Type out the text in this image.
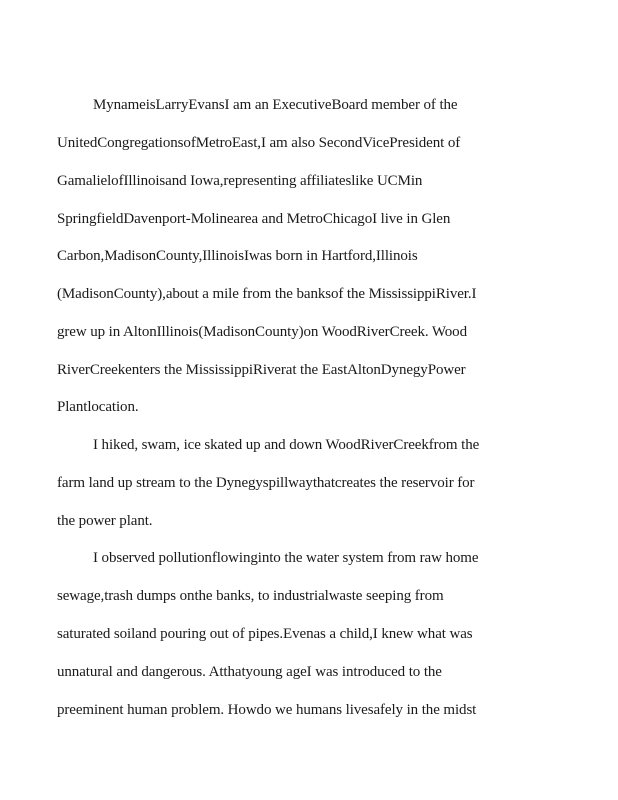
MynameisLarryEvansI am an ExecutiveBoard member of the
UnitedCongregationsofMetroEast,I am also SecondVicePresident of
GamalielofIllinoisand Iowa,representing affiliateslike UCMin
SpringfieldDavenport-Molinearea and MetroChicagoI live in Glen
Carbon,MadisonCounty,IllinoisIwas born in Hartford,Illinois
(MadisonCounty),about a mile from the banksof the MississippiRiver.I
grew up in AltonIllinois(MadisonCounty)on WoodRiverCreek. Wood
RiverCreekenters the MississippiRiverat the EastAltonDynegyPower
Plantlocation.
I hiked, swam, ice skated up and down WoodRiverCreekfrom the
farm land up stream to the Dynegyspillwaythatcreates the reservoir for
the power plant.
I observed pollutionflowinginto the water system from raw home
sewage,trash dumps onthe banks, to industrialwaste seeping from
saturated soiland pouring out of pipes.Evenas a child,I knew what was
unnatural and dangerous. Atthatyoung ageI was introduced to the
preeminent human problem. Howdo we humans livesafely in the midst
